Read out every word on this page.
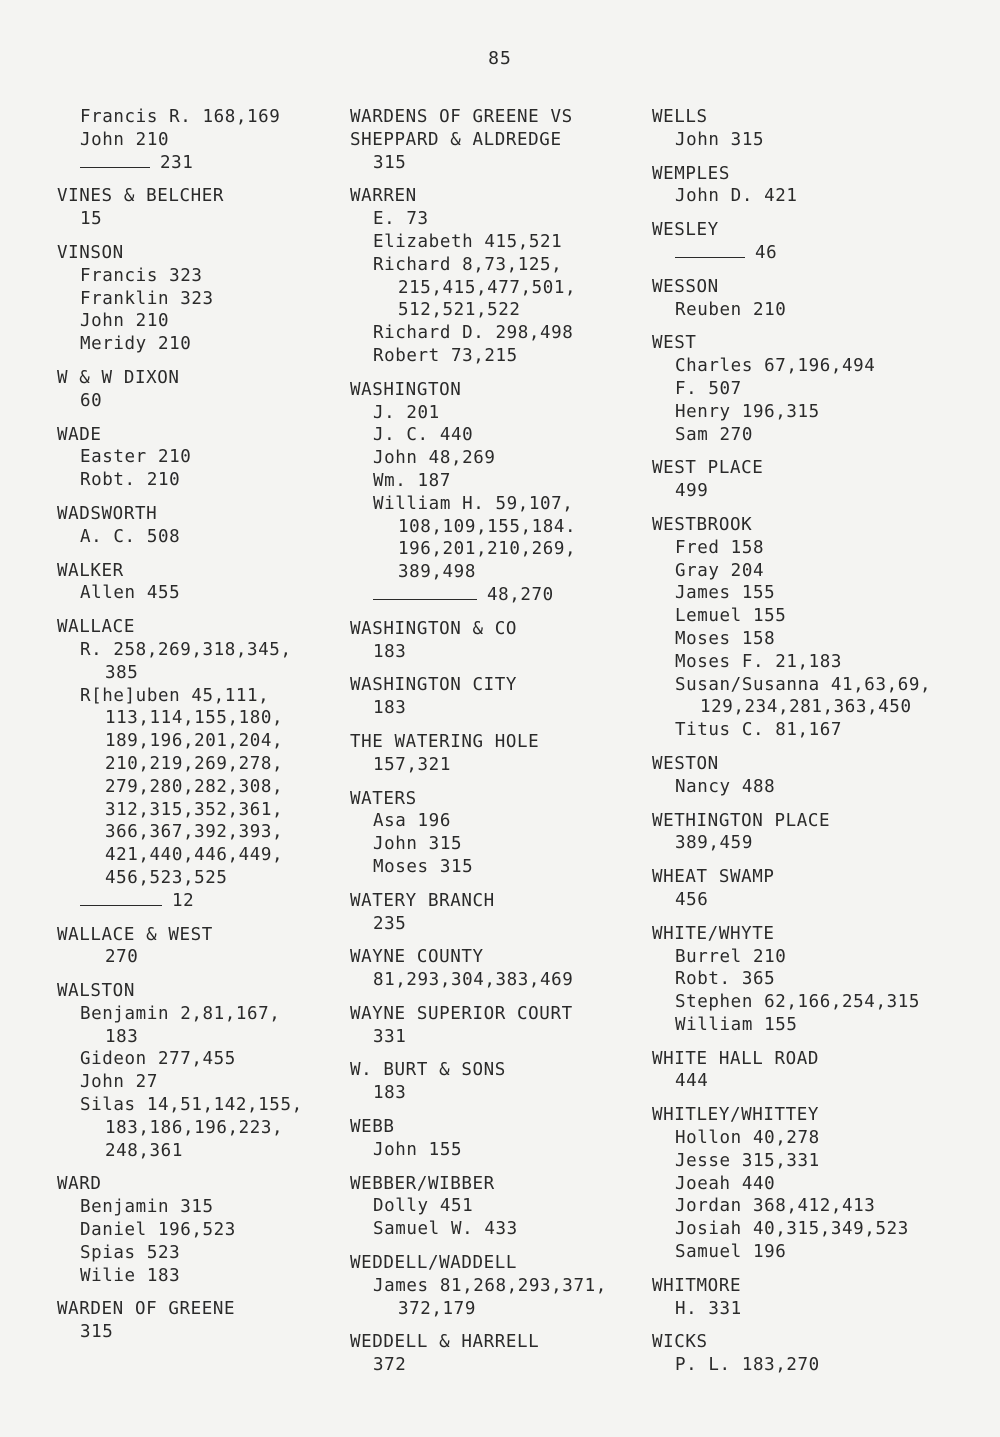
85
Francis R. 168,169
John 210
231
VINES & BELCHER
15
VINSON
Francis 323
Franklin 323
John 210
Meridy 210
W & W DIXON
60
WADE
Easter 210
Robt. 210
WADSWORTH
A. C. 508
WALKER
Allen 455
WALLACE
R. 258,269,318,345,
385
R[he]uben 45,111,
113,114,155,180,
189,196,201,204,
210,219,269,278,
279,280,282,308,
312,315,352,361,
366,367,392,393,
421,440,446,449,
456,523,525
12
WALLACE & WEST
270
WALSTON
Benjamin 2,81,167,
183
Gideon 277,455
John 27
Silas 14,51,142,155,
183,186,196,223,
248,361
WARD
Benjamin 315
Daniel 196,523
Spias 523
Wilie 183
WARDEN OF GREENE
315
WARDENS OF GREENE VS
SHEPPARD & ALDREDGE
315
WARREN
E. 73
Elizabeth 415,521
Richard 8,73,125,
215,415,477,501,
512,521,522
Richard D. 298,498
Robert 73,215
WASHINGTON
J. 201
J. C. 440
John 48,269
Wm. 187
William H. 59,107,
108,109,155,184.
196,201,210,269,
389,498
48,270
WASHINGTON & CO
183
WASHINGTON CITY
183
THE WATERING HOLE
157,321
WATERS
Asa 196
John 315
Moses 315
WATERY BRANCH
235
WAYNE COUNTY
81,293,304,383,469
WAYNE SUPERIOR COURT
331
W. BURT & SONS
183
WEBB
John 155
WEBBER/WIBBER
Dolly 451
Samuel W. 433
WEDDELL/WADDELL
James 81,268,293,371,
372,179
WEDDELL & HARRELL
372
WELLS
John 315
WEMPLES
John D. 421
WESLEY
46
WESSON
Reuben 210
WEST
Charles 67,196,494
F. 507
Henry 196,315
Sam 270
WEST PLACE
499
WESTBROOK
Fred 158
Gray 204
James 155
Lemuel 155
Moses 158
Moses F. 21,183
Susan/Susanna 41,63,69,
129,234,281,363,450
Titus C. 81,167
WESTON
Nancy 488
WETHINGTON PLACE
389,459
WHEAT SWAMP
456
WHITE/WHYTE
Burrel 210
Robt. 365
Stephen 62,166,254,315
William 155
WHITE HALL ROAD
444
WHITLEY/WHITTEY
Hollon 40,278
Jesse 315,331
Joeah 440
Jordan 368,412,413
Josiah 40,315,349,523
Samuel 196
WHITMORE
H. 331
WICKS
P. L. 183,270
